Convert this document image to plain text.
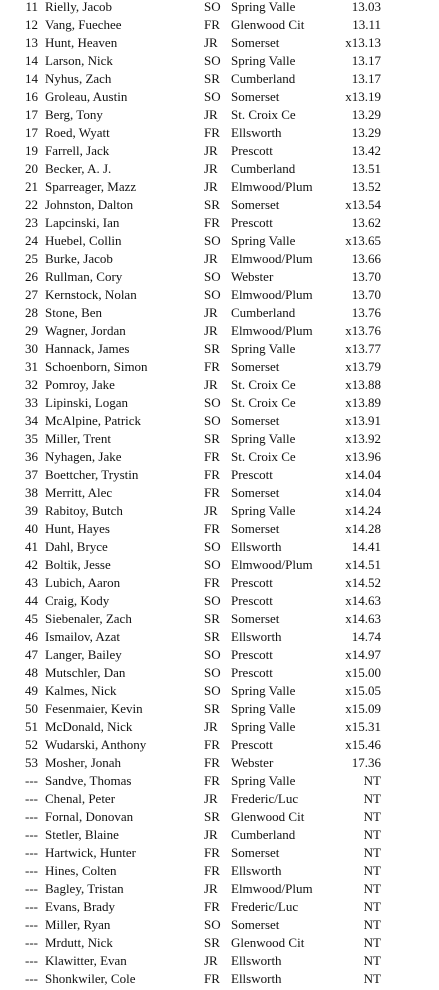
11 Rielly, Jacob	SO Spring Valle	13.03
12 Vang, Fuechee	FR Glenwood Cit	13.11
13 Hunt, Heaven	JR Somerset	x13.13
14 Larson, Nick	SO Spring Valle	13.17
14 Nyhus, Zach	SR Cumberland	13.17
16 Groleau, Austin	SO Somerset	x13.19
17 Berg, Tony	JR St. Croix Ce	13.29
17 Roed, Wyatt	FR Ellsworth	13.29
19 Farrell, Jack	JR Prescott	13.42
20 Becker, A. J.	JR Cumberland	13.51
21 Sparreager, Mazz	JR Elmwood/Plum	13.52
22 Johnston, Dalton	SR Somerset	x13.54
23 Lapcinski, Ian	FR Prescott	13.62
24 Huebel, Collin	SO Spring Valle	x13.65
25 Burke, Jacob	JR Elmwood/Plum	13.66
26 Rullman, Cory	SO Webster	13.70
27 Kernstock, Nolan	SO Elmwood/Plum	13.70
28 Stone, Ben	JR Cumberland	13.76
29 Wagner, Jordan	JR Elmwood/Plum	x13.76
30 Hannack, James	SR Spring Valle	x13.77
31 Schoenborn, Simon	FR Somerset	x13.79
32 Pomroy, Jake	JR St. Croix Ce	x13.88
33 Lipinski, Logan	SO St. Croix Ce	x13.89
34 McAlpine, Patrick	SO Somerset	x13.91
35 Miller, Trent	SR Spring Valle	x13.92
36 Nyhagen, Jake	FR St. Croix Ce	x13.96
37 Boettcher, Trystin	FR Prescott	x14.04
38 Merritt, Alec	FR Somerset	x14.04
39 Rabitoy, Butch	JR Spring Valle	x14.24
40 Hunt, Hayes	FR Somerset	x14.28
41 Dahl, Bryce	SO Ellsworth	14.41
42 Boltik, Jesse	SO Elmwood/Plum	x14.51
43 Lubich, Aaron	FR Prescott	x14.52
44 Craig, Kody	SO Prescott	x14.63
45 Siebenaler, Zach	SR Somerset	x14.63
46 Ismailov, Azat	SR Ellsworth	14.74
47 Langer, Bailey	SO Prescott	x14.97
48 Mutschler, Dan	SO Prescott	x15.00
49 Kalmes, Nick	SO Spring Valle	x15.05
50 Fesenmaier, Kevin	SR Spring Valle	x15.09
51 McDonald, Nick	JR Spring Valle	x15.31
52 Wudarski, Anthony	FR Prescott	x15.46
53 Mosher, Jonah	FR Webster	17.36
--- Sandve, Thomas	FR Spring Valle	NT
--- Chenal, Peter	JR Frederic/Luc	NT
--- Fornal, Donovan	SR Glenwood Cit	NT
--- Stetler, Blaine	JR Cumberland	NT
--- Hartwick, Hunter	FR Somerset	NT
--- Hines, Colten	FR Ellsworth	NT
--- Bagley, Tristan	JR Elmwood/Plum	NT
--- Evans, Brady	FR Frederic/Luc	NT
--- Miller, Ryan	SO Somerset	NT
--- Mrdutt, Nick	SR Glenwood Cit	NT
--- Klawitter, Evan	JR Ellsworth	NT
--- Shonkwiler, Cole	FR Ellsworth	NT
